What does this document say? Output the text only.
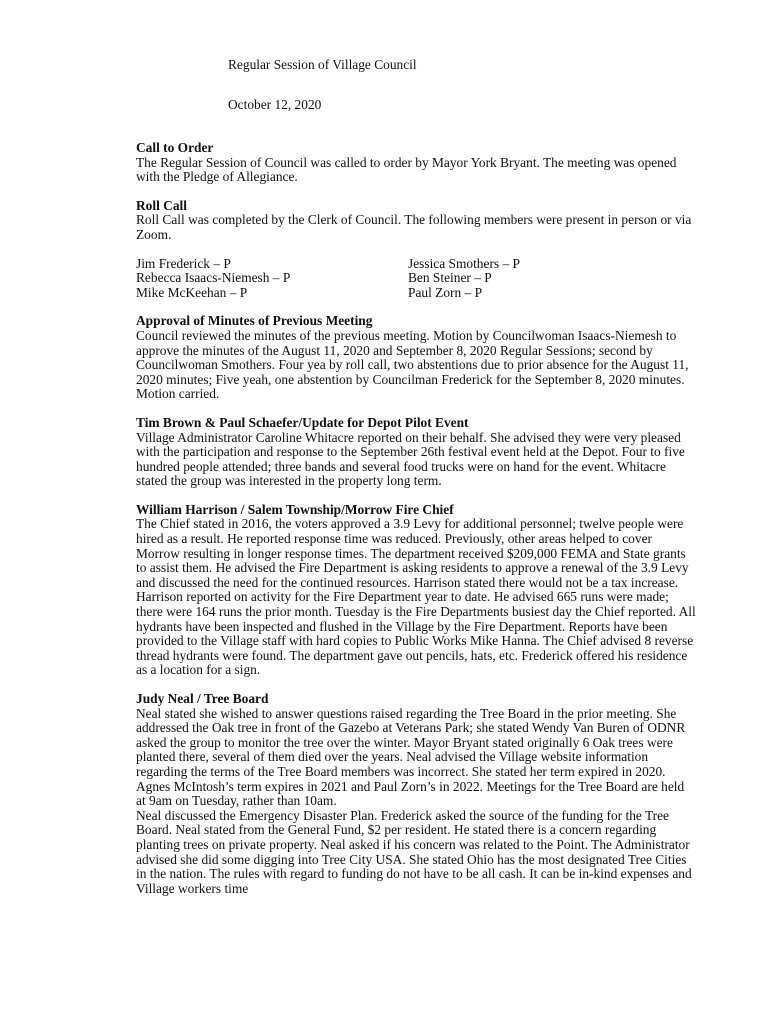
Regular Session of Village Council
October 12, 2020
Call to Order

The Regular Session of Council was called to order by Mayor York Bryant. The meeting was opened with the Pledge of Allegiance.

Roll Call

Roll Call was completed by the Clerk of Council. The following members were present in person or via Zoom.

Jim Frederick – P	Jessica Smothers – P
Rebecca Isaacs-Niemesh – P	Ben Steiner – P
Mike McKeehan – P	Paul Zorn – P
Approval of Minutes of Previous Meeting

Council reviewed the minutes of the previous meeting. Motion by Councilwoman Isaacs-Niemesh to approve the minutes of the August 11, 2020 and September 8, 2020 Regular Sessions; second by Councilwoman Smothers. Four yea by roll call, two abstentions due to prior absence for the August 11, 2020 minutes; Five yeah, one abstention by Councilman Frederick for the September 8, 2020 minutes. Motion carried.

Tim Brown & Paul Schaefer/Update for Depot Pilot Event

Village Administrator Caroline Whitacre reported on their behalf. She advised they were very pleased with the participation and response to the September 26th festival event held at the Depot. Four to five hundred people attended; three bands and several food trucks were on hand for the event. Whitacre stated the group was interested in the property long term.

William Harrison / Salem Township/Morrow Fire Chief

The Chief stated in 2016, the voters approved a 3.9 Levy for additional personnel; twelve people were hired as a result. He reported response time was reduced. Previously, other areas helped to cover Morrow resulting in longer response times. The department received $209,000 FEMA and State grants to assist them. He advised the Fire Department is asking residents to approve a renewal of the 3.9 Levy and discussed the need for the continued resources. Harrison stated there would not be a tax increase.

Harrison reported on activity for the Fire Department year to date. He advised 665 runs were made; there were 164 runs the prior month. Tuesday is the Fire Departments busiest day the Chief reported. All hydrants have been inspected and flushed in the Village by the Fire Department. Reports have been provided to the Village staff with hard copies to Public Works Mike Hanna. The Chief advised 8 reverse thread hydrants were found. The department gave out pencils, hats, etc. Frederick offered his residence as a location for a sign.

Judy Neal / Tree Board

Neal stated she wished to answer questions raised regarding the Tree Board in the prior meeting. She addressed the Oak tree in front of the Gazebo at Veterans Park; she stated Wendy Van Buren of ODNR asked the group to monitor the tree over the winter. Mayor Bryant stated originally 6 Oak trees were planted there, several of them died over the years. Neal advised the Village website information regarding the terms of the Tree Board members was incorrect. She stated her term expired in 2020. Agnes McIntosh’s term expires in 2021 and Paul Zorn’s in 2022. Meetings for the Tree Board are held at 9am on Tuesday, rather than 10am.

Neal discussed the Emergency Disaster Plan. Frederick asked the source of the funding for the Tree Board. Neal stated from the General Fund, $2 per resident. He stated there is a concern regarding planting trees on private property. Neal asked if his concern was related to the Point. The Administrator advised she did some digging into Tree City USA. She stated Ohio has the most designated Tree Cities in the nation. The rules with regard to funding do not have to be all cash. It can be in-kind expenses and Village workers time
